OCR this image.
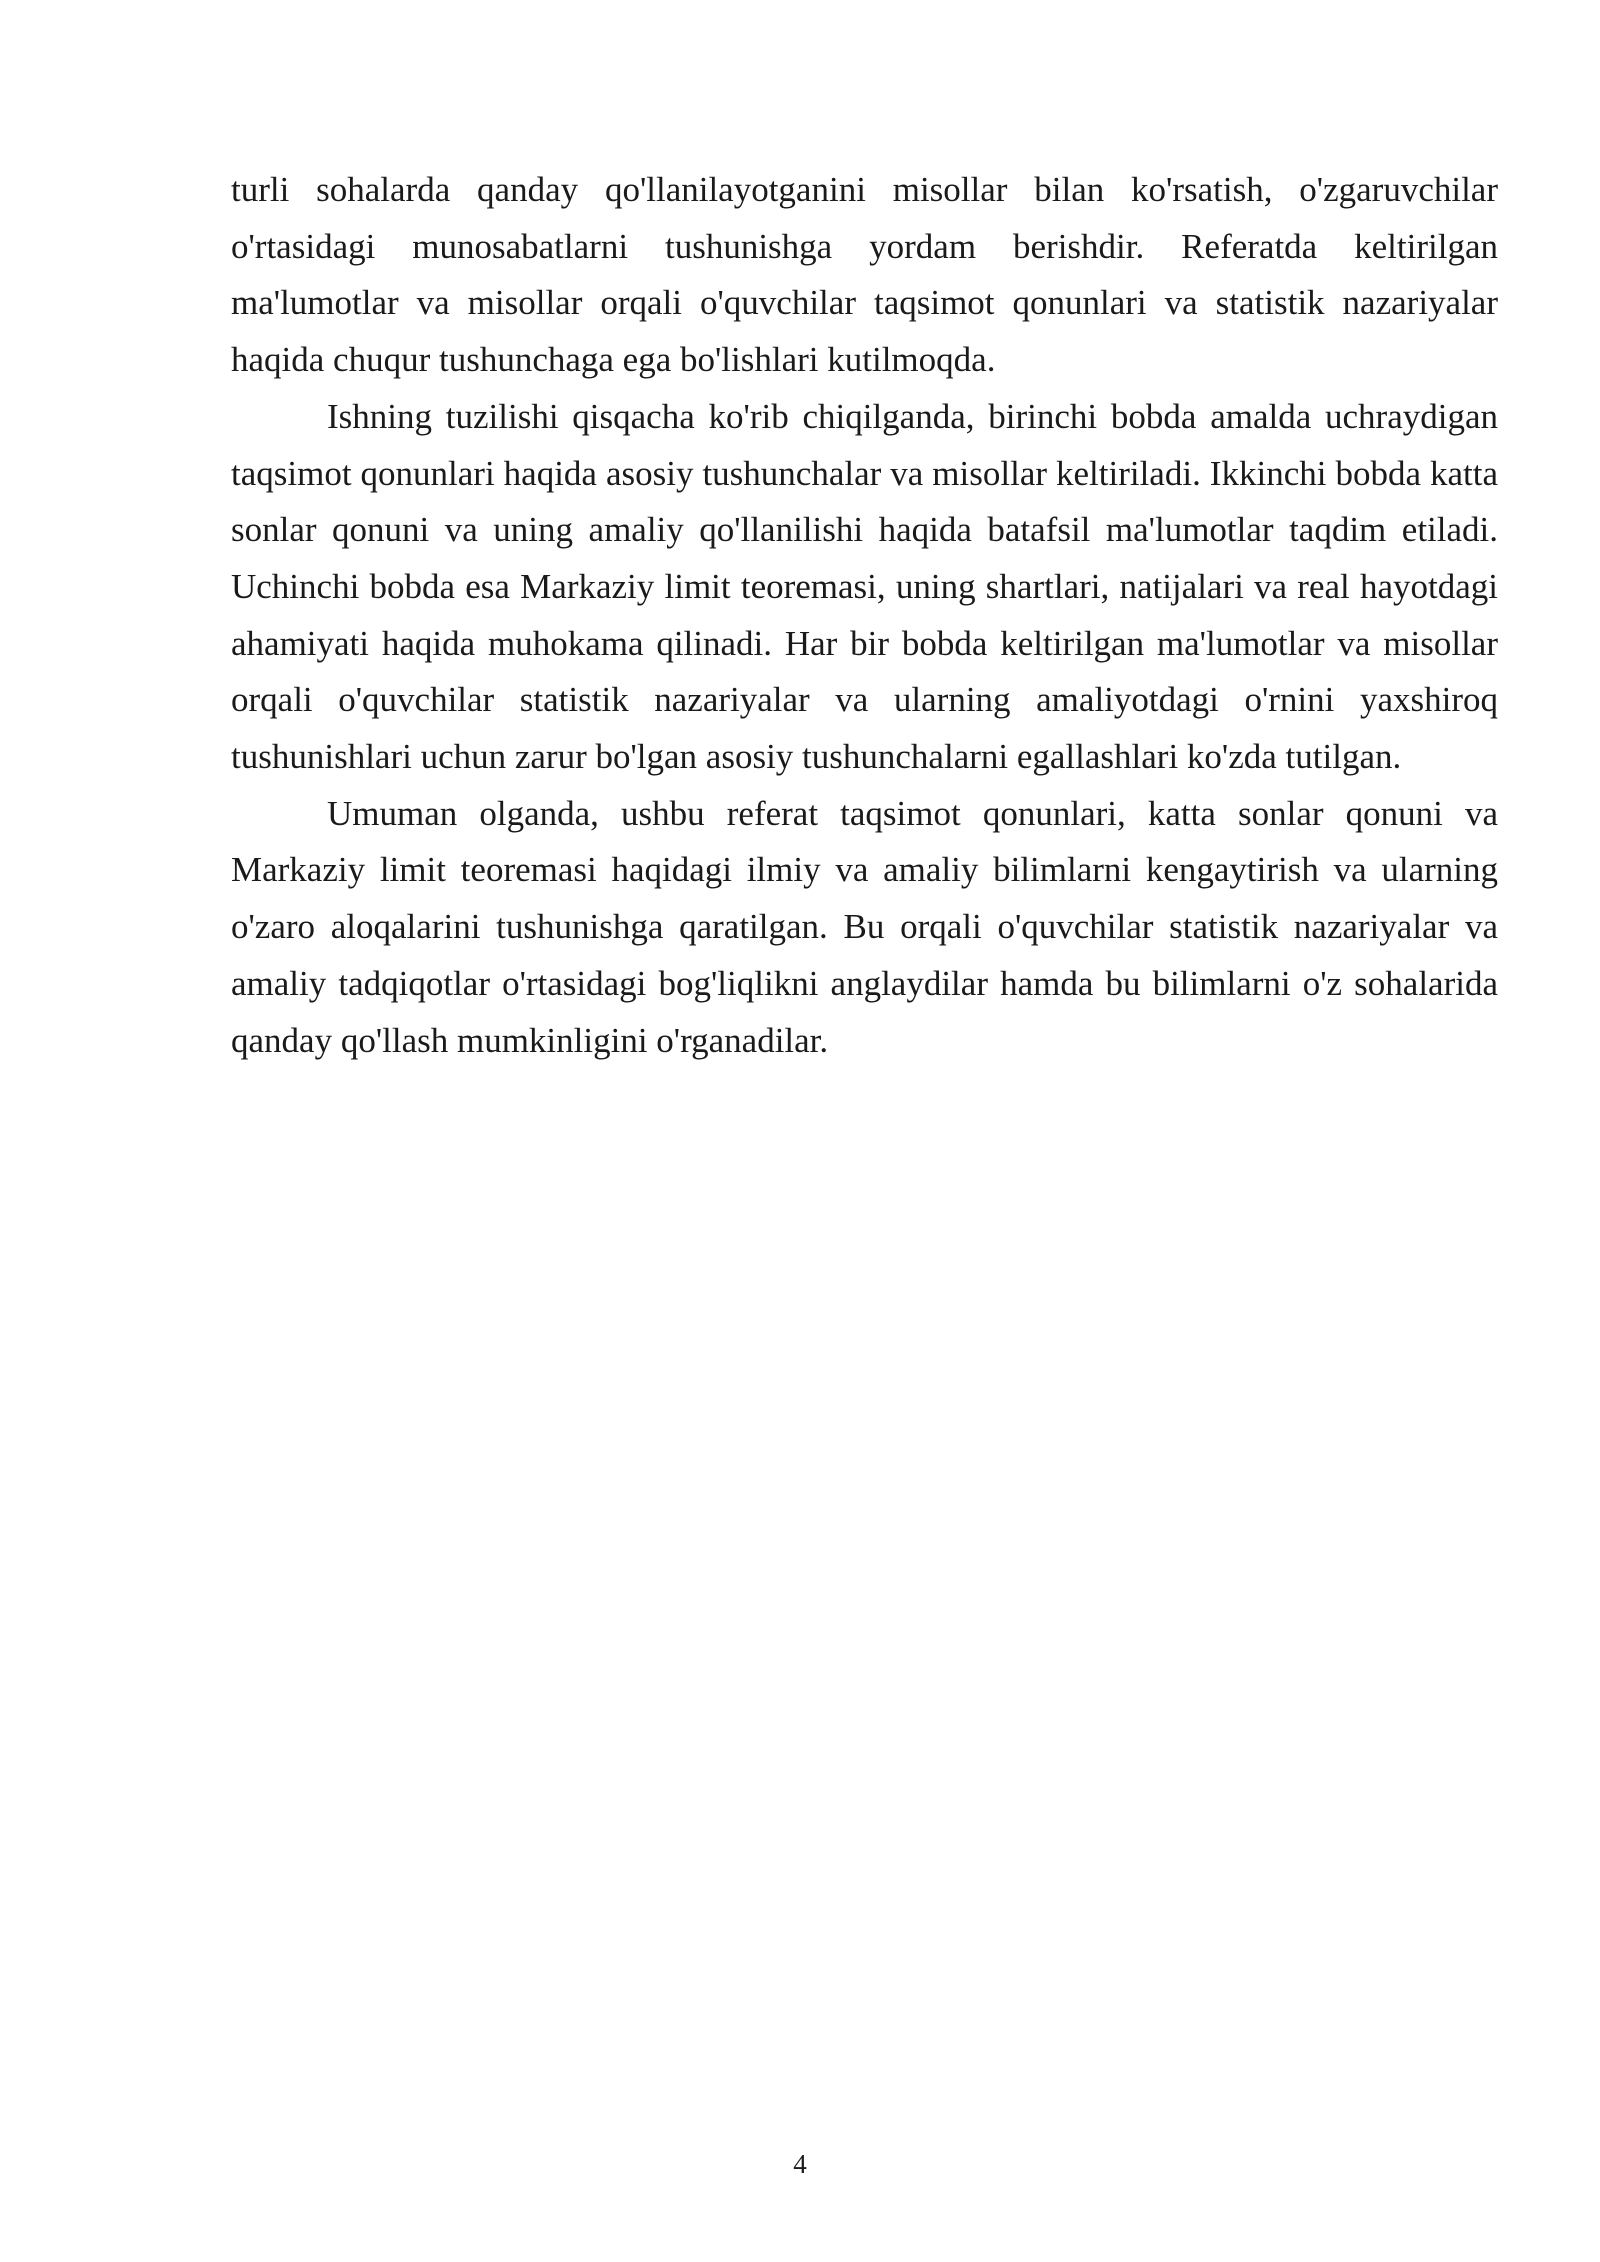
turli sohalarda qanday qo'llanilayotganini misollar bilan ko'rsatish, o'zgaruvchilar o'rtasidagi munosabatlarni tushunishga yordam berishdir. Referatda keltirilgan ma'lumotlar va misollar orqali o'quvchilar taqsimot qonunlari va statistik nazariyalar haqida chuqur tushunchaga ega bo'lishlari kutilmoqda.

Ishning tuzilishi qisqacha ko'rib chiqilganda, birinchi bobda amalda uchraydigan taqsimot qonunlari haqida asosiy tushunchalar va misollar keltiriladi. Ikkinchi bobda katta sonlar qonuni va uning amaliy qo'llanilishi haqida batafsil ma'lumotlar taqdim etiladi. Uchinchi bobda esa Markaziy limit teoremasi, uning shartlari, natijalari va real hayotdagi ahamiyati haqida muhokama qilinadi. Har bir bobda keltirilgan ma'lumotlar va misollar orqali o'quvchilar statistik nazariyalar va ularning amaliyotdagi o'rnini yaxshiroq tushunishlari uchun zarur bo'lgan asosiy tushunchalarni egallashlari ko'zda tutilgan.

Umuman olganda, ushbu referat taqsimot qonunlari, katta sonlar qonuni va Markaziy limit teoremasi haqidagi ilmiy va amaliy bilimlarni kengaytirish va ularning o'zaro aloqalarini tushunishga qaratilgan. Bu orqali o'quvchilar statistik nazariyalar va amaliy tadqiqotlar o'rtasidagi bog'liqlikni anglaydilar hamda bu bilimlarni o'z sohalarida qanday qo'llash mumkinligini o'rganadilar.

4
